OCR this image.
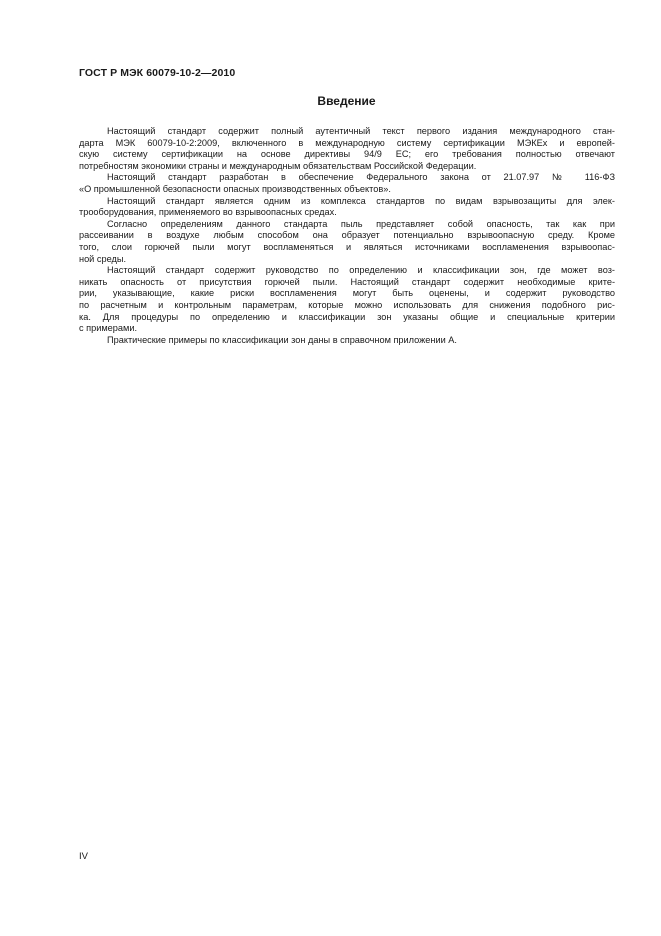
ГОСТ Р МЭК 60079-10-2—2010
Введение
Настоящий стандарт содержит полный аутентичный текст первого издания международного стан-
дарта МЭК 60079-10-2:2009, включенного в международную систему сертификации МЭКЕх и европей-
скую систему сертификации на основе директивы 94/9 ЕС; его требования полностью отвечают
потребностям экономики страны и международным обязательствам Российской Федерации.
Настоящий стандарт разработан в обеспечение Федерального закона от 21.07.97 № 116-ФЗ
«О промышленной безопасности опасных производственных объектов».
Настоящий стандарт является одним из комплекса стандартов по видам взрывозащиты для элек-
трооборудования, применяемого во взрывоопасных средах.
Согласно определениям данного стандарта пыль представляет собой опасность, так как при
рассеивании в воздухе любым способом она образует потенциально взрывоопасную среду. Кроме
того, слои горючей пыли могут воспламеняться и являться источниками воспламенения взрывоопас-
ной среды.
Настоящий стандарт содержит руководство по определению и классификации зон, где может воз-
никать опасность от присутствия горючей пыли. Настоящий стандарт содержит необходимые крите-
рии, указывающие, какие риски воспламенения могут быть оценены, и содержит руководство
по расчетным и контрольным параметрам, которые можно использовать для снижения подобного рис-
ка. Для процедуры по определению и классификации зон указаны общие и специальные критерии
с примерами.
Практические примеры по классификации зон даны в справочном приложении А.
IV
